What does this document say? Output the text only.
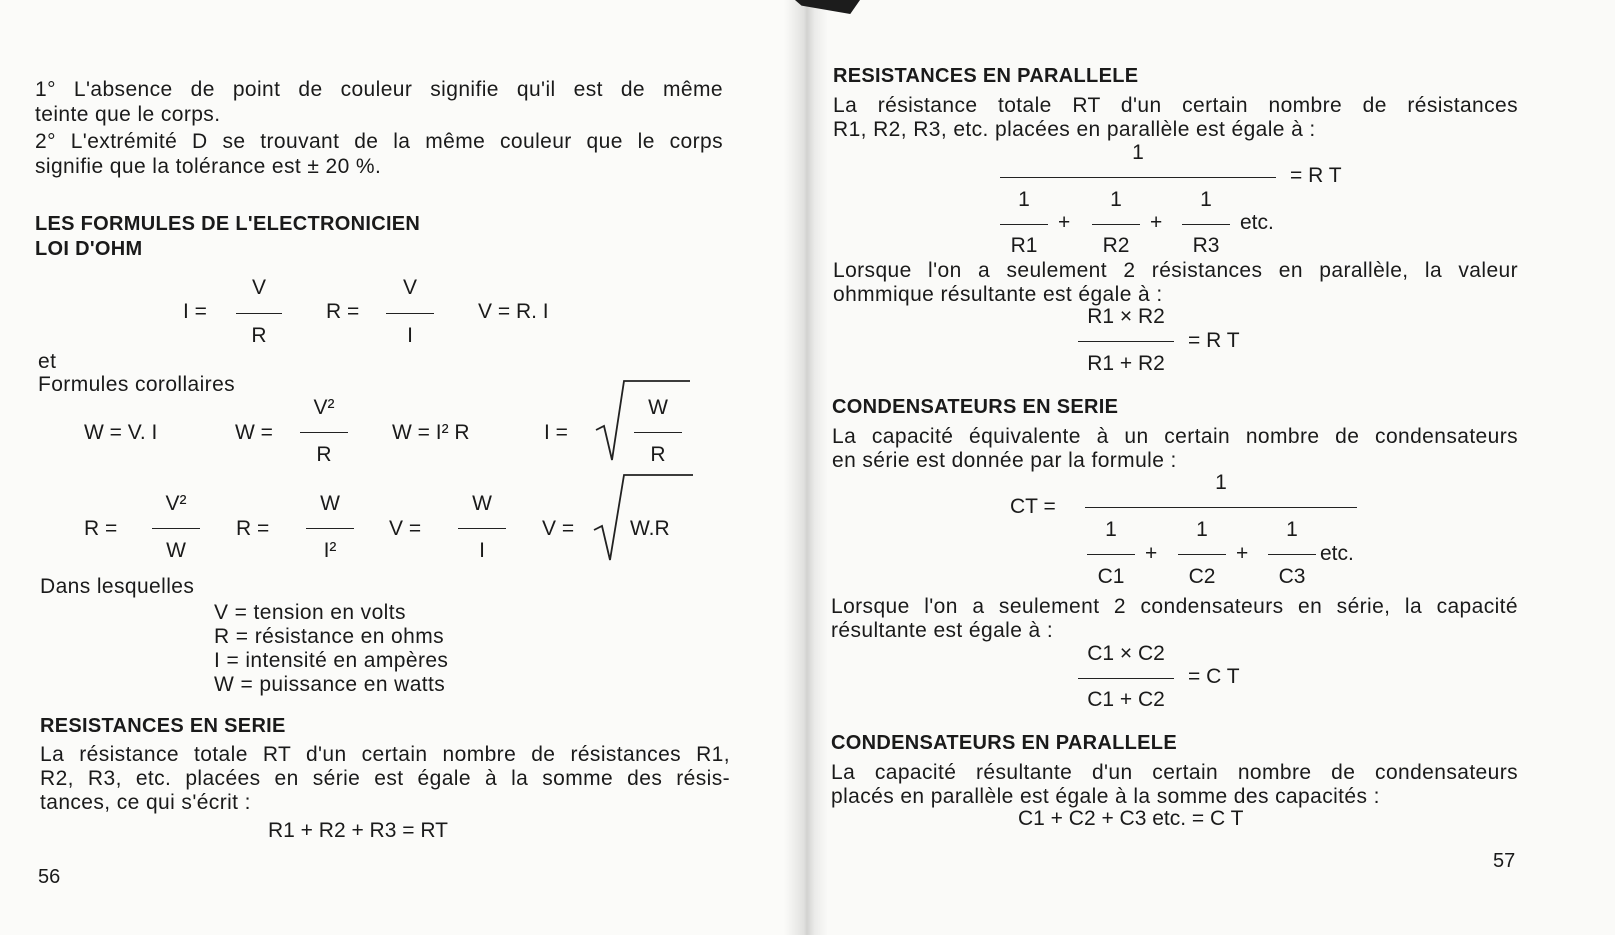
1° L'absence de point de couleur signifie qu'il est de même
teinte que le corps.
2° L'extrémité D se trouvant de la même couleur que le corps
signifie que la tolérance est ± 20 %.
LES FORMULES DE L'ELECTRONICIEN
LOI D'OHM
I =
V
R
R =
V
I
V = R. I
et
Formules corollaires
W = V. I	W =
V²
R
W = I² R	I =
W
R
R =
V²
W
R =
W
I²
V =
W
I
V =	W.R
Dans lesquelles
V = tension en volts
R = résistance en ohms
I = intensité en ampères
W = puissance en watts
RESISTANCES EN SERIE
La résistance totale RT d'un certain nombre de résistances R1,
R2, R3, etc. placées en série est égale à la somme des résis-
tances, ce qui s'écrit :
R1 + R2 + R3 = RT
56
RESISTANCES EN PARALLELE
La résistance totale RT d'un certain nombre de résistances
R1, R2, R3, etc. placées en parallèle est égale à :
1
= R T
1
R1
+
1
R2
+
1
R3
etc.
Lorsque l'on a seulement 2 résistances en parallèle, la valeur
ohmmique résultante est égale à :
R1 × R2
R1 + R2
= R T
CONDENSATEURS EN SERIE
La capacité équivalente à un certain nombre de condensateurs
en série est donnée par la formule :
CT =
1
1
C1
+
1
C2
+
1
C3
etc.
Lorsque l'on a seulement 2 condensateurs en série, la capacité
résultante est égale à :
C1 × C2
C1 + C2
= C T
CONDENSATEURS EN PARALLELE
La capacité résultante d'un certain nombre de condensateurs
placés en parallèle est égale à la somme des capacités :
C1 + C2 + C3 etc. = C T
57
